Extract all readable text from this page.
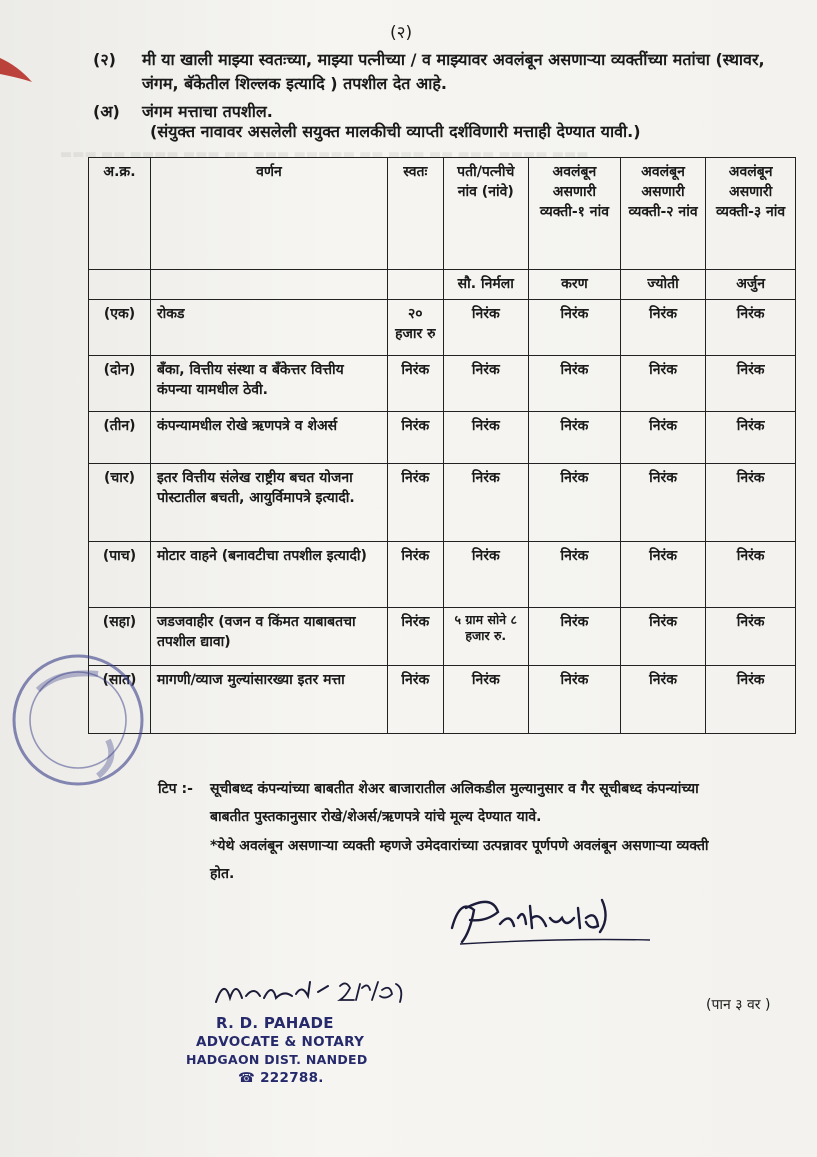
▬▬▬ ▬▬ ▬▬▬▬ ▬▬▬ ▬▬ ▬▬▬ ▬▬▬▬▬ ▬▬ ▬▬▬ ▬▬ ▬▬▬ ▬▬▬▬ ▬▬▬
(२)
(२) मी या खाली माझ्या स्वतःच्या, माझ्या पत्नीच्या / व माझ्यावर अवलंबून असणाऱ्या व्यक्तींच्या मतांचा (स्थावर, जंगम, बॅकेतील शिल्लक इत्यादि ) तपशील देत आहे.
(अ) जंगम मत्ताचा तपशील.
(संयुक्त नावावर असलेली सयुक्त मालकीची व्याप्ती दर्शविणारी मत्ताही देण्यात यावी.)
अ.क्र.	वर्णन	स्वतः	पती/पत्नीचे नांव (नांवे)	अवलंबून असणारी व्यक्ती-१ नांव	अवलंबून असणारी व्यक्ती-२ नांव	अवलंबून असणारी व्यक्ती-३ नांव
			सौ. निर्मला	करण	ज्योती	अर्जुन
(एक)	रोकड	२० हजार रु	निरंक	निरंक	निरंक	निरंक
(दोन)	बँका, वित्तीय संस्था व बँकेत्तर वित्तीय कंपन्या यामधील ठेवी.	निरंक	निरंक	निरंक	निरंक	निरंक
(तीन)	कंपन्यामधील रोखे ऋणपत्रे व शेअर्स	निरंक	निरंक	निरंक	निरंक	निरंक
(चार)	इतर वित्तीय संलेख राष्ट्रीय बचत योजना पोस्टातील बचती, आयुर्विमापत्रे इत्यादी.	निरंक	निरंक	निरंक	निरंक	निरंक
(पाच)	मोटार वाहने (बनावटीचा तपशील इत्यादी)	निरंक	निरंक	निरंक	निरंक	निरंक
(सहा)	जडजवाहीर (वजन व किंमत याबाबतचा तपशील द्यावा)	निरंक	५ ग्राम सोने ८ हजार रु.	निरंक	निरंक	निरंक
(सात)	मागणी/व्याज मुल्यांसारख्या इतर मत्ता	निरंक	निरंक	निरंक	निरंक	निरंक
टिप :- सूचीबध्द कंपन्यांच्या बाबतीत शेअर बाजारातील अलिकडील मुल्यानुसार व गैर सूचीबध्द कंपन्यांच्या
बाबतीत पुस्तकानुसार रोखे/शेअर्स/ऋणपत्रे यांचे मूल्य देण्यात यावे.
*येथे अवलंबून असणाऱ्या व्यक्ती म्हणजे उमेदवारांच्या उत्पन्नावर पूर्णपणे अवलंबून असणाऱ्या व्यक्ती
होत.
R. D. PAHADE
ADVOCATE & NOTARY
HADGAON DIST. NANDED
☎ 222788.
(पान ३ वर )
